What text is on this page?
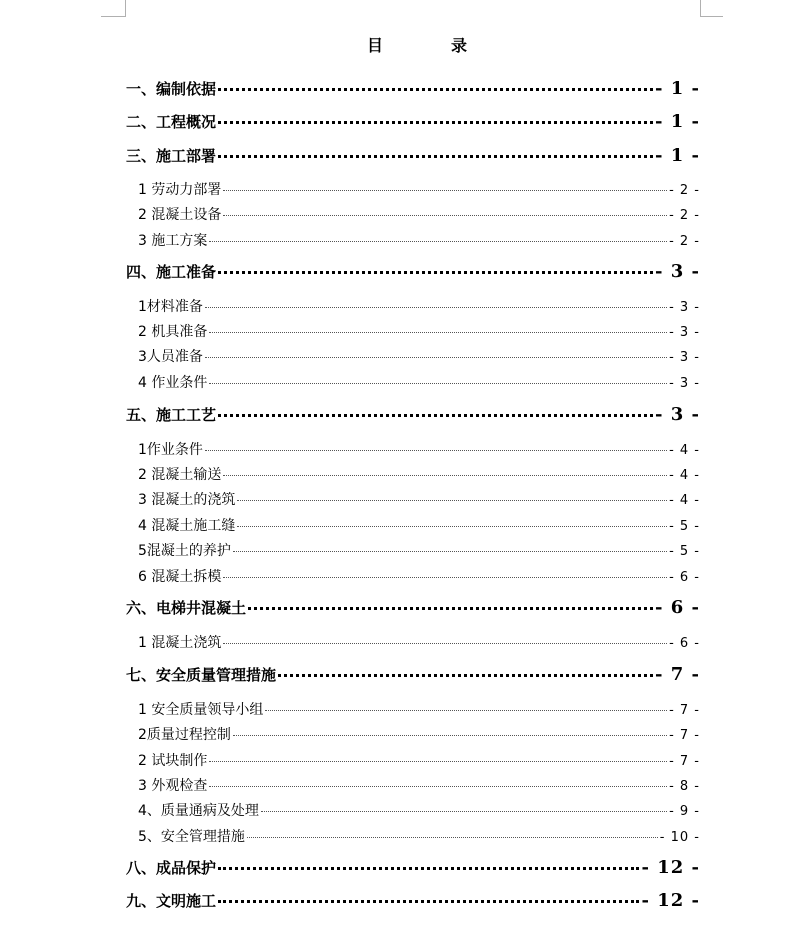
目　录
一、编制依据	- 1 -
二、工程概况	- 1 -
三、施工部署	- 1 -
1 劳动力部署	- 2 -
2 混凝土设备	- 2 -
3 施工方案	- 2 -
四、施工准备	- 3 -
1材料准备	- 3 -
2 机具准备	- 3 -
3人员准备	- 3 -
4 作业条件	- 3 -
五、施工工艺	- 3 -
1作业条件	- 4 -
2 混凝土输送	- 4 -
3 混凝土的浇筑	- 4 -
4 混凝土施工缝	- 5 -
5混凝土的养护	- 5 -
6 混凝土拆模	- 6 -
六、电梯井混凝土	- 6 -
1 混凝土浇筑	- 6 -
七、安全质量管理措施	- 7 -
1 安全质量领导小组	- 7 -
2质量过程控制	- 7 -
2 试块制作	- 7 -
3 外观检查	- 8 -
4、质量通病及处理	- 9 -
5、安全管理措施	- 10 -
八、成品保护	- 12 -
九、文明施工	- 12 -
